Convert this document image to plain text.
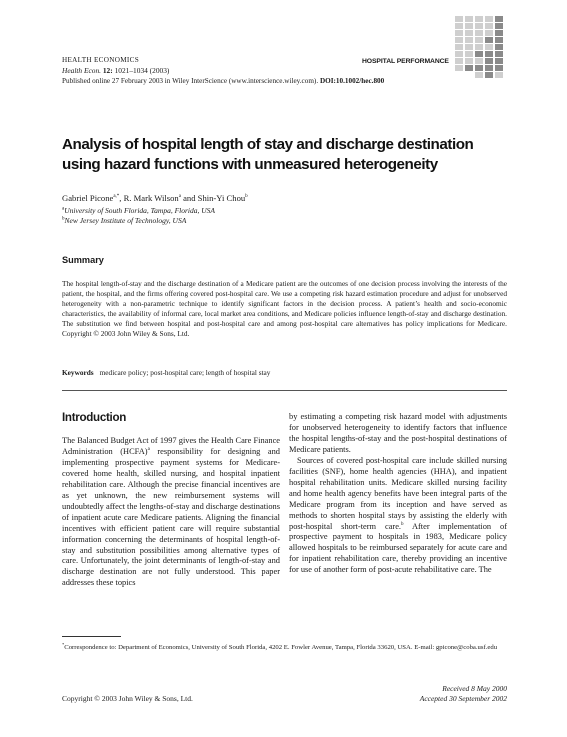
HEALTH ECONOMICS
Health Econ. 12: 1021–1034 (2003)
Published online 27 February 2003 in Wiley InterScience (www.interscience.wiley.com). DOI:10.1002/hec.800
HOSPITAL PERFORMANCE
Analysis of hospital length of stay and discharge destination
using hazard functions with unmeasured heterogeneity
Gabriel Picone$^{a,*}$, R. Mark Wilson$^a$ and Shin-Yi Chou$^b$
$^a$University of South Florida, Tampa, Florida, USA
$^b$New Jersey Institute of Technology, USA
Summary
The hospital length-of-stay and the discharge destination of a Medicare patient are the outcomes of one decision process involving the interests of the patient, the hospital, and the firms offering covered post-hospital care. We use a competing risk hazard estimation procedure and adjust for unobserved heterogeneity with a non-parametric technique to identify significant factors in the decision process. A patient’s health and socio-economic characteristics, the availability of informal care, local market area conditions, and Medicare policies influence length-of-stay and discharge destination. The substitution we find between hospital and post-hospital care and among post-hospital care alternatives has policy implications for Medicare. Copyright © 2003 John Wiley & Sons, Ltd.
Keywords medicare policy; post-hospital care; length of hospital stay
Introduction
The Balanced Budget Act of 1997 gives the Health Care Finance Administration (HCFA)$^a$ responsibility for designing and implementing prospective payment systems for Medicare-covered home health, skilled nursing, and hospital inpatient rehabilitation care. Although the precise financial incentives are as yet unknown, the new reimbursement systems will undoubtedly affect the lengths-of-stay and discharge destinations of inpatient acute care Medicare patients. Aligning the financial incentives with efficient patient care will require substantial information concerning the determinants of hospital length-of-stay and substitution possibilities among alternative types of care. Unfortunately, the joint determinants of length-of-stay and discharge destination are not fully understood. This paper addresses these topics
by estimating a competing risk hazard model with adjustments for unobserved heterogeneity to identify factors that influence the hospital lengths-of-stay and the post-hospital destinations of Medicare patients.
Sources of covered post-hospital care include skilled nursing facilities (SNF), home health agencies (HHA), and inpatient hospital rehabilitation units. Medicare skilled nursing facility and home health agency benefits have been integral parts of the Medicare program from its inception and have served as methods to shorten hospital stays by assisting the elderly with post-hospital short-term care.$^b$ After implementation of prospective payment to hospitals in 1983, Medicare policy allowed hospitals to be reimbursed separately for acute care and for inpatient rehabilitation care, thereby providing an incentive for use of another form of post-acute rehabilitative care. The
*Correspondence to: Department of Economics, University of South Florida, 4202 E. Fowler Avenue, Tampa, Florida 33620, USA. E-mail: gpicone@coba.usf.edu
Copyright © 2003 John Wiley & Sons, Ltd.
Received 8 May 2000
Accepted 30 September 2002
